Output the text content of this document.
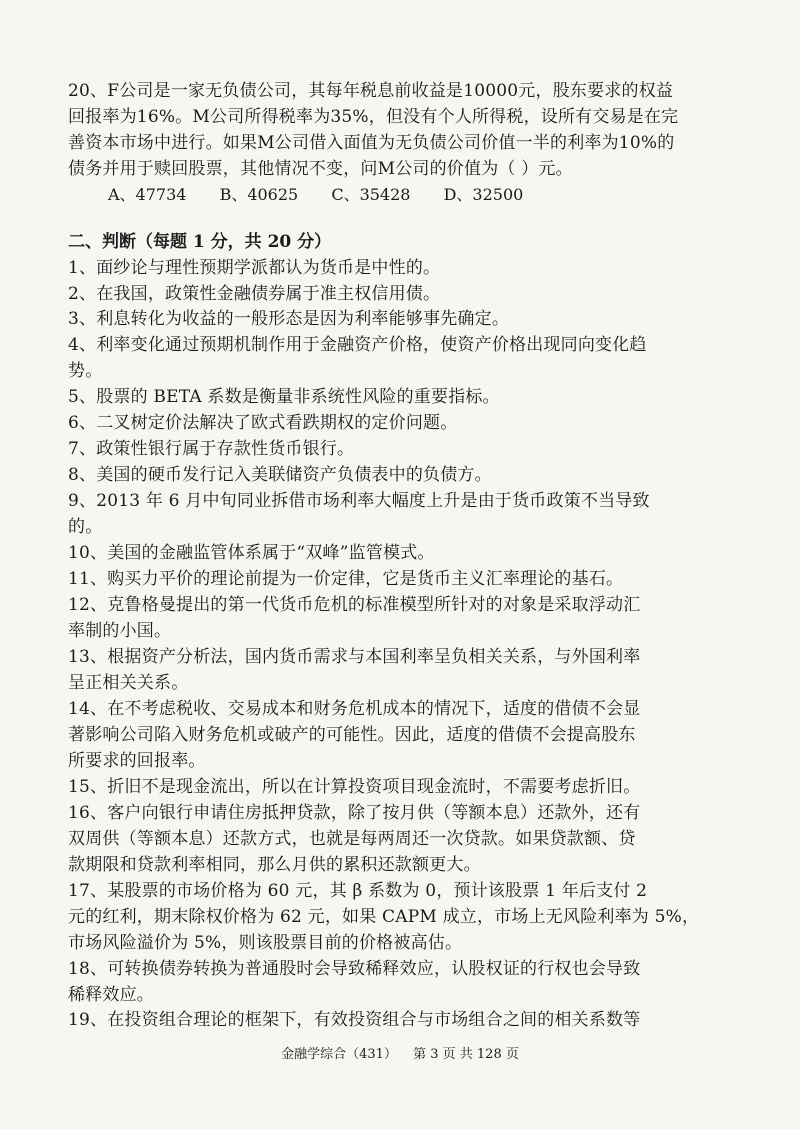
20、F公司是一家无负债公司，其每年税息前收益是10000元，股东要求的权益
回报率为16%。M公司所得税率为35%，但没有个人所得税，设所有交易是在完
善资本市场中进行。如果M公司借入面值为无负债公司价值一半的利率为10%的
债务并用于赎回股票，其他情况不变，问M公司的价值为（ ）元。
A、47734 B、40625 C、35428 D、32500
二、判断（每题 1 分，共 20 分）
1、面纱论与理性预期学派都认为货币是中性的。
2、在我国，政策性金融债券属于准主权信用债。
3、利息转化为收益的一般形态是因为利率能够事先确定。
4、利率变化通过预期机制作用于金融资产价格，使资产价格出现同向变化趋
势。
5、股票的 BETA 系数是衡量非系统性风险的重要指标。
6、二叉树定价法解决了欧式看跌期权的定价问题。
7、政策性银行属于存款性货币银行。
8、美国的硬币发行记入美联储资产负债表中的负债方。
9、2013 年 6 月中旬同业拆借市场利率大幅度上升是由于货币政策不当导致
的。
10、美国的金融监管体系属于“双峰”监管模式。
11、购买力平价的理论前提为一价定律，它是货币主义汇率理论的基石。
12、克鲁格曼提出的第一代货币危机的标准模型所针对的对象是采取浮动汇
率制的小国。
13、根据资产分析法，国内货币需求与本国利率呈负相关关系，与外国利率
呈正相关关系。
14、在不考虑税收、交易成本和财务危机成本的情况下，适度的借债不会显
著影响公司陷入财务危机或破产的可能性。因此，适度的借债不会提高股东
所要求的回报率。
15、折旧不是现金流出，所以在计算投资项目现金流时，不需要考虑折旧。
16、客户向银行申请住房抵押贷款，除了按月供（等额本息）还款外，还有
双周供（等额本息）还款方式，也就是每两周还一次贷款。如果贷款额、贷
款期限和贷款利率相同，那么月供的累积还款额更大。
17、某股票的市场价格为 60 元，其 β 系数为 0，预计该股票 1 年后支付 2
元的红利，期末除权价格为 62 元，如果 CAPM 成立，市场上无风险利率为 5%，
市场风险溢价为 5%，则该股票目前的价格被高估。
18、可转换债券转换为普通股时会导致稀释效应，认股权证的行权也会导致
稀释效应。
19、在投资组合理论的框架下，有效投资组合与市场组合之间的相关系数等
金融学综合（431） 第 3 页 共 128 页
